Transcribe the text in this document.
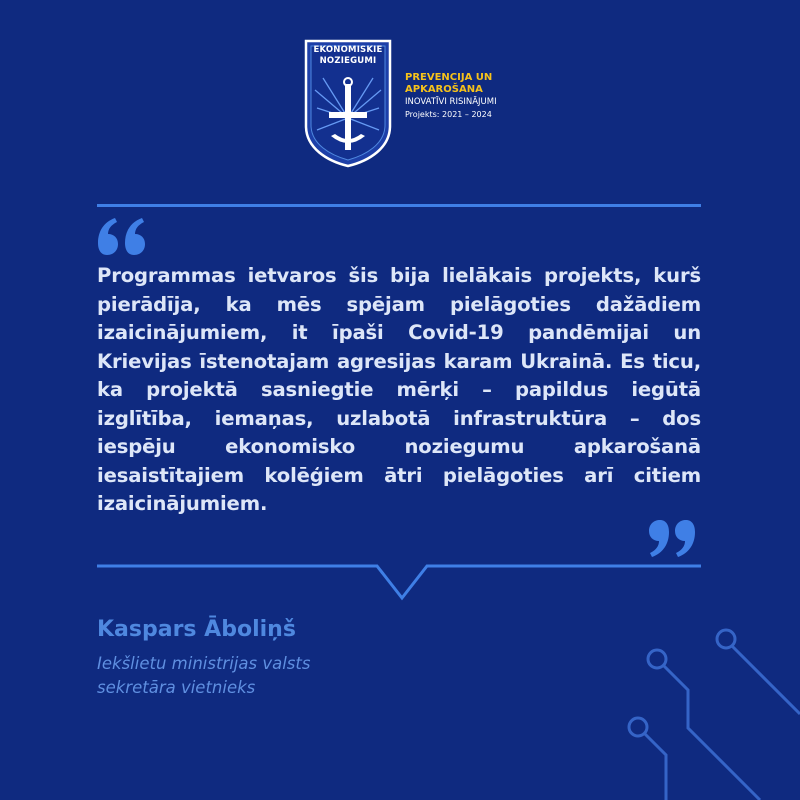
EKONOMISKIE
NOZIEGUMI
PREVENCIJA UN
APKAROŠANA
INOVATĪVI RISINĀJUMI
Projekts: 2021 – 2024
Programmas ietvaros šis bija lielākais projekts, kurš pierādīja, ka mēs spējam pielāgoties dažādiem izaicinājumiem, it īpaši Covid-19 pandēmijai un Krievijas īstenotajam agresijas karam Ukrainā. Es ticu, ka projektā sasniegtie mērķi – papildus iegūtā izglītība, iemaņas, uzlabotā infrastruktūra – dos iespēju ekonomisko noziegumu apkarošanā iesaistītajiem kolēģiem ātri pielāgoties arī citiem izaicinājumiem.
Kaspars Āboliņš
Iekšlietu ministrijas valsts
sekretāra vietnieks
